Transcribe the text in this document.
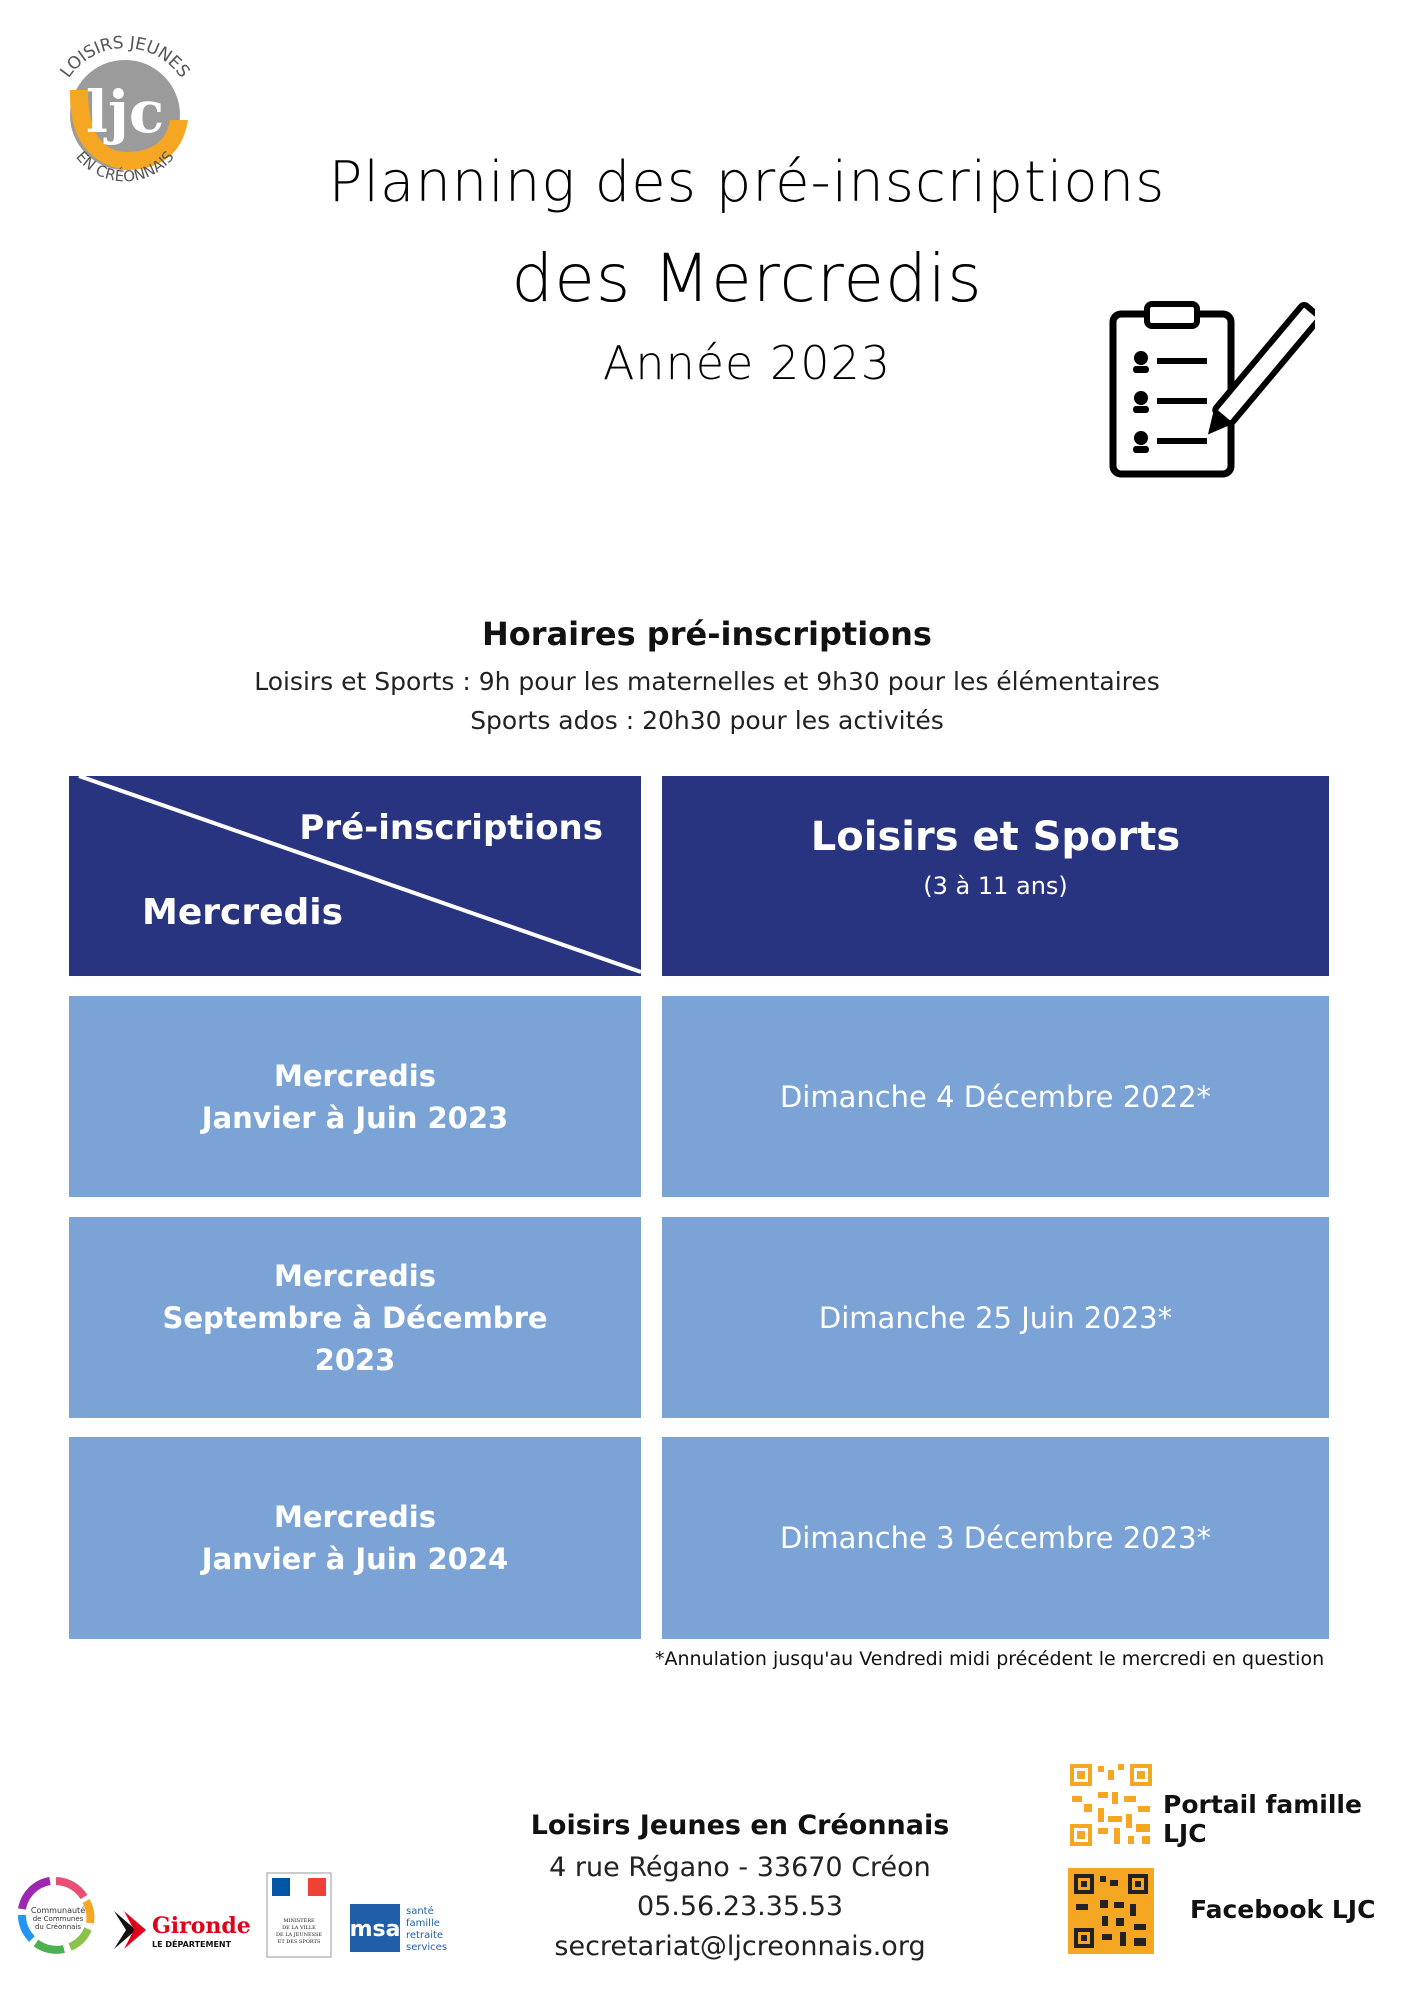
ljc
LOISIRS JEUNES
EN CRÉONNAIS	Planning des pré-inscriptions
des Mercredis
Année 2023
Horaires pré-inscriptions
Loisirs et Sports : 9h pour les maternelles et 9h30 pour les élémentaires
Sports ados : 20h30 pour les activités
Pré-inscriptions
Mercredis
Loisirs et Sports
(3 à 11 ans)
Mercredis
Janvier à Juin 2023
Dimanche 4 Décembre 2022*
Mercredis
Septembre à Décembre
2023
Dimanche 25 Juin 2023*
Mercredis
Janvier à Juin 2024
Dimanche 3 Décembre 2023*
*Annulation jusqu'au Vendredi midi précédent le mercredi en question
Loisirs Jeunes en Créonnais
4 rue Régano - 33670 Créon
05.56.23.35.53
secretariat@ljcreonnais.org
Portail famille LJC
Facebook LJC
Communauté
de Communes
du Créonnais	Gironde
LE DÉPARTEMENT
MINISTÈRE
DE LA VILLE
DE LA JEUNESSE
ET DES SPORTS msa
santé
famille
retraite
services
